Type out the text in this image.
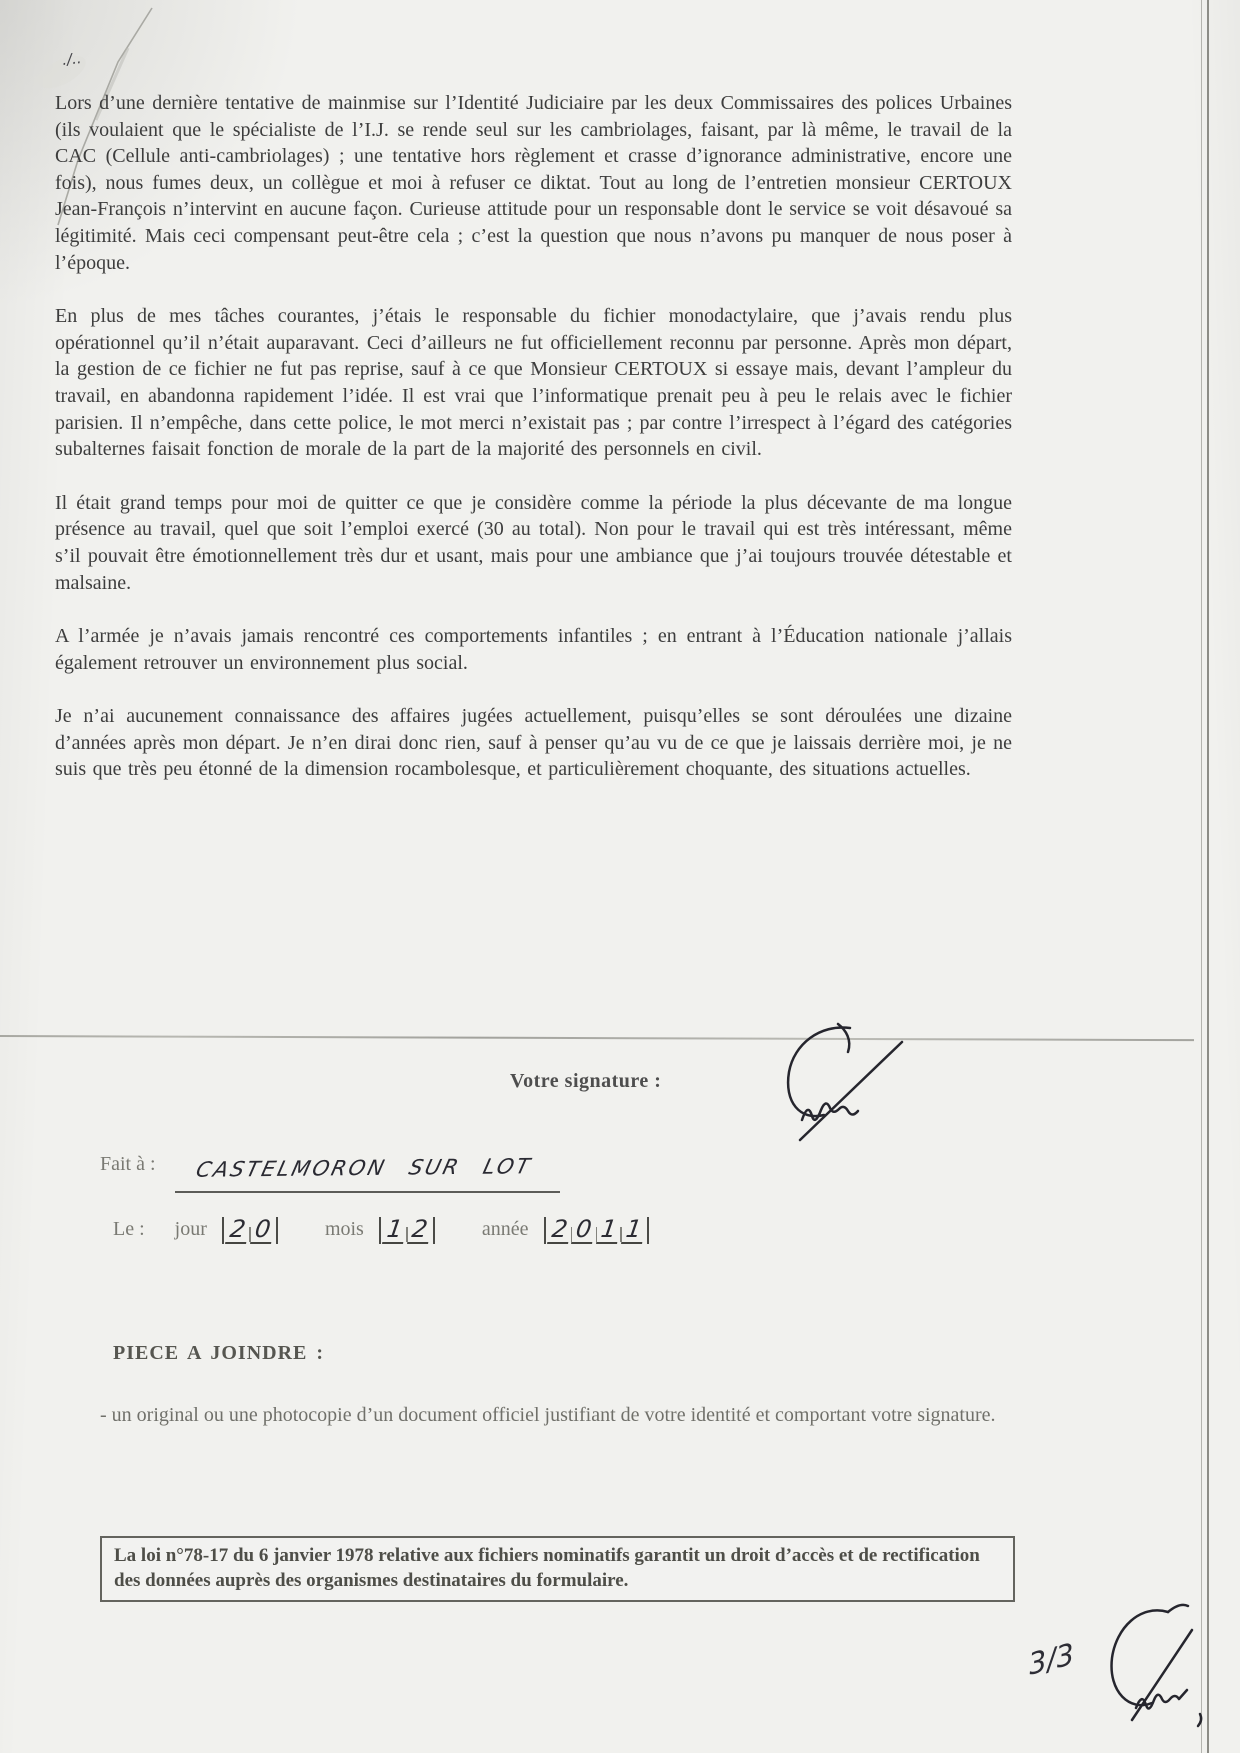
./..

Lors d’une dernière tentative de mainmise sur l’Identité Judiciaire par les deux Commissaires des polices Urbaines (ils voulaient que le spécialiste de l’I.J. se rende seul sur les cambriolages, faisant, par là même, le travail de la CAC (Cellule anti-cambriolages) ; une tentative hors règlement et crasse d’ignorance administrative, encore une fois), nous fumes deux, un collègue et moi à refuser ce diktat. Tout au long de l’entretien monsieur CERTOUX Jean-François n’intervint en aucune façon. Curieuse attitude pour un responsable dont le service se voit désavoué sa légitimité. Mais ceci compensant peut-être cela ; c’est la question que nous n’avons pu manquer de nous poser à l’époque.

En plus de mes tâches courantes, j’étais le responsable du fichier monodactylaire, que j’avais rendu plus opérationnel qu’il n’était auparavant. Ceci d’ailleurs ne fut officiellement reconnu par personne. Après mon départ, la gestion de ce fichier ne fut pas reprise, sauf à ce que Monsieur CERTOUX si essaye mais, devant l’ampleur du travail, en abandonna rapidement l’idée. Il est vrai que l’informatique prenait peu à peu le relais avec le fichier parisien. Il n’empêche, dans cette police, le mot merci n’existait pas ; par contre l’irrespect à l’égard des catégories subalternes faisait fonction de morale de la part de la majorité des personnels en civil.

Il était grand temps pour moi de quitter ce que je considère comme la période la plus décevante de ma longue présence au travail, quel que soit l’emploi exercé (30 au total). Non pour le travail qui est très intéressant, même s’il pouvait être émotionnellement très dur et usant, mais pour une ambiance que j’ai toujours trouvée détestable et malsaine.

A l’armée je n’avais jamais rencontré ces comportements infantiles ; en entrant à l’Éducation nationale j’allais également retrouver un environnement plus social.

Je n’ai aucunement connaissance des affaires jugées actuellement, puisqu’elles se sont déroulées une dizaine d’années après mon départ. Je n’en dirai donc rien, sauf à penser qu’au vu de ce que je laissais derrière moi, je ne suis que très peu étonné de la dimension rocambolesque, et particulièrement choquante, des situations actuelles.

Votre signature :
Fait à : CASTELMORON SUR LOT
Le : jour 2 0	mois 1 2	année 2 0 1 1
PIECE A JOINDRE :

- un original ou une photocopie d’un document officiel justifiant de votre identité et comportant votre signature.

La loi n°78-17 du 6 janvier 1978 relative aux fichiers nominatifs garantit un droit d’accès et de rectification des données auprès des organismes destinataires du formulaire.

3/3
